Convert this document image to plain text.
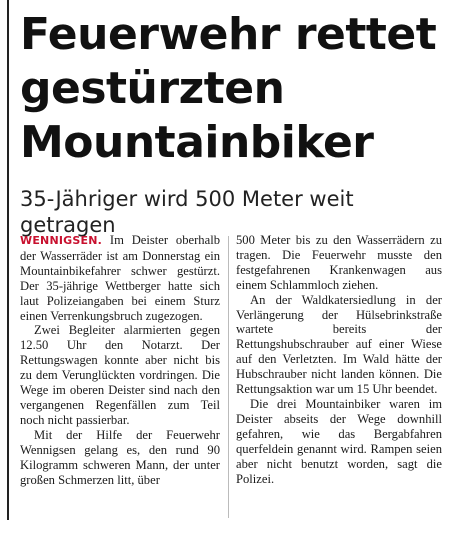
Feuerwehr rettet gestürzten Mountainbiker
35-Jähriger wird 500 Meter weit getragen

WENNIGSEN. Im Deister oberhalb der Wasserräder ist am Donnerstag ein Mountainbikefahrer schwer gestürzt. Der 35-jährige Wettberger hatte sich laut Polizeiangaben bei einem Sturz einen Verrenkungsbruch zugezogen.

Zwei Begleiter alarmierten gegen 12.50 Uhr den Notarzt. Der Rettungswagen konnte aber nicht bis zu dem Verunglückten vordringen. Die Wege im oberen Deister sind nach den vergangenen Regenfällen zum Teil noch nicht passierbar.

Mit der Hilfe der Feuerwehr Wennigsen gelang es, den rund 90 Kilogramm schweren Mann, der unter großen Schmerzen litt, über

500 Meter bis zu den Wasserrädern zu tragen. Die Feuerwehr musste den festgefahrenen Krankenwagen aus einem Schlammloch ziehen.

An der Waldkatersiedlung in der Verlängerung der Hülsebrinkstraße wartete bereits der Rettungshubschrauber auf einer Wiese auf den Verletzten. Im Wald hätte der Hubschrauber nicht landen können. Die Rettungsaktion war um 15 Uhr beendet.

Die drei Mountainbiker waren im Deister abseits der Wege downhill gefahren, wie das Bergabfahren querfeldein genannt wird. Rampen seien aber nicht benutzt worden, sagt die Polizei.
